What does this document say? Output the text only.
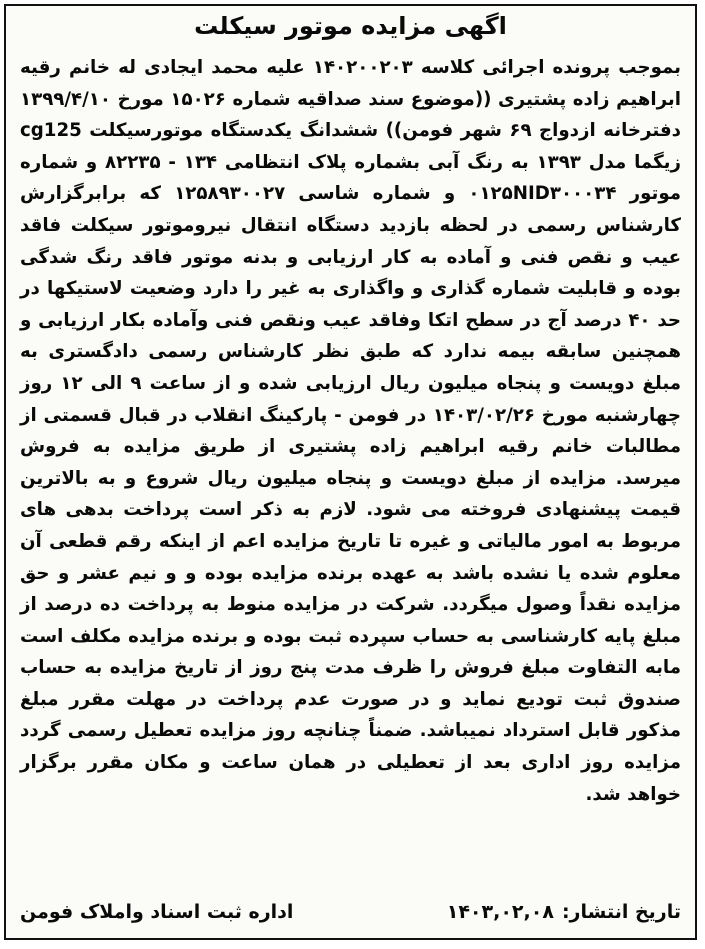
اگهی مزایده موتور سیکلت
بموجب پرونده اجرائی کلاسه ۱۴۰۲۰۰۲۰۳ علیه محمد ایجادی له خانم رقیه ابراهیم زاده پشتیری ((موضوع سند صداقیه شماره ۱۵۰۲۶ مورخ ۱۳۹۹/۴/۱۰ دفترخانه ازدواج ۶۹ شهر فومن)) ششدانگ یکدستگاه موتورسیکلت cg125 زیگما مدل ۱۳۹۳ به رنگ آبی بشماره پلاک انتظامی ۱۳۴ - ۸۲۲۳۵ و شماره موتور ۰۱۲۵NID۳۰۰۰۳۴ و شماره شاسی ۱۲۵۸۹۳۰۰۲۷ که برابرگزارش کارشناس رسمی در لحظه بازدید دستگاه انتقال نیروموتور سیکلت فاقد عیب و نقص فنی و آماده به کار ارزیابی و بدنه موتور فاقد رنگ شدگی بوده و قابلیت شماره گذاری و واگذاری به غیر را دارد وضعیت لاستیکها در حد ۴۰ درصد آج در سطح اتکا وفاقد عیب ونقص فنی وآماده بکار ارزیابی و همچنین سابقه بیمه ندارد که طبق نظر کارشناس رسمی دادگستری به مبلغ دویست و پنجاه میلیون ریال ارزیابی شده و از ساعت ۹ الی ۱۲ روز چهارشنبه مورخ ۱۴۰۳/۰۲/۲۶ در فومن - پارکینگ انقلاب در قبال قسمتی از مطالبات خانم رقیه ابراهیم زاده پشتیری از طریق مزایده به فروش میرسد. مزایده از مبلغ دویست و پنجاه میلیون ریال شروع و به بالاترین قیمت پیشنهادی فروخته می شود. لازم به ذکر است پرداخت بدهی های مربوط به امور مالیاتی و غیره تا تاریخ مزایده اعم از اینکه رقم قطعی آن معلوم شده یا نشده باشد به عهده برنده مزایده بوده و و نیم عشر و حق مزایده نقداً وصول میگردد. شرکت در مزایده منوط به پرداخت ده درصد از مبلغ پایه کارشناسی به حساب سپرده ثبت بوده و برنده مزایده مکلف است مابه التفاوت مبلغ فروش را ظرف مدت پنج روز از تاریخ مزایده به حساب صندوق ثبت تودیع نماید و در صورت عدم پرداخت در مهلت مقرر مبلغ مذکور قابل استرداد نمیباشد. ضمناً چنانچه روز مزایده تعطیل رسمی گردد مزایده روز اداری بعد از تعطیلی در همان ساعت و مکان مقرر برگزار خواهد شد.
تاریخ انتشار:
۱۴۰۳,۰۲,۰۸
اداره ثبت اسناد واملاک فومن
